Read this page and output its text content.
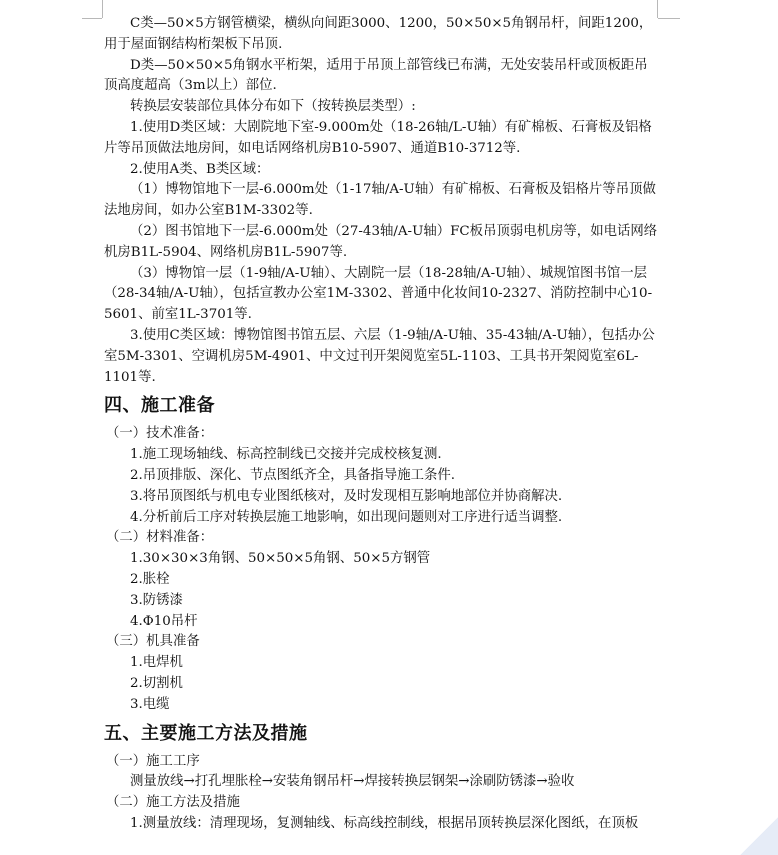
C类—50×5方钢管横梁，横纵向间距3000、1200，50×50×5角钢吊杆，间距1200，用于屋面钢结构桁架板下吊顶.

D类—50×50×5角钢水平桁架，适用于吊顶上部管线已布满，无处安装吊杆或顶板距吊顶高度超高（3m以上）部位.

转换层安装部位具体分布如下（按转换层类型）:

1.使用D类区域：大剧院地下室-9.000m处（18-26轴/L-U轴）有矿棉板、石膏板及铝格片等吊顶做法地房间，如电话网络机房B10-5907、通道B10-3712等.

2.使用A类、B类区域：

（1）博物馆地下一层-6.000m处（1-17轴/A-U轴）有矿棉板、石膏板及铝格片等吊顶做法地房间，如办公室B1M-3302等.

（2）图书馆地下一层-6.000m处（27-43轴/A-U轴）FC板吊顶弱电机房等，如电话网络机房B1L-5904、网络机房B1L-5907等.

（3）博物馆一层（1-9轴/A-U轴）、大剧院一层（18-28轴/A-U轴）、城规馆图书馆一层（28-34轴/A-U轴），包括宣教办公室1M-3302、普通中化妆间10-2327、消防控制中心10-5601、前室1L-3701等.

3.使用C类区域：博物馆图书馆五层、六层（1-9轴/A-U轴、35-43轴/A-U轴），包括办公室5M-3301、空调机房5M-4901、中文过刊开架阅览室5L-1103、工具书开架阅览室6L-1101等.

四、施工准备

（一）技术准备：

1.施工现场轴线、标高控制线已交接并完成校核复测.

2.吊顶排版、深化、节点图纸齐全，具备指导施工条件.

3.将吊顶图纸与机电专业图纸核对，及时发现相互影响地部位并协商解决.

4.分析前后工序对转换层施工地影响，如出现问题则对工序进行适当调整.

（二）材料准备：

1.30×30×3角钢、50×50×5角钢、50×5方钢管

2.胀栓

3.防锈漆

4.Φ10吊杆

（三）机具准备

1.电焊机

2.切割机

3.电缆

五、主要施工方法及措施

（一）施工工序

测量放线→打孔埋胀栓→安装角钢吊杆→焊接转换层钢架→涂刷防锈漆→验收

（二）施工方法及措施

1.测量放线：清理现场，复测轴线、标高线控制线，根据吊顶转换层深化图纸，在顶板
